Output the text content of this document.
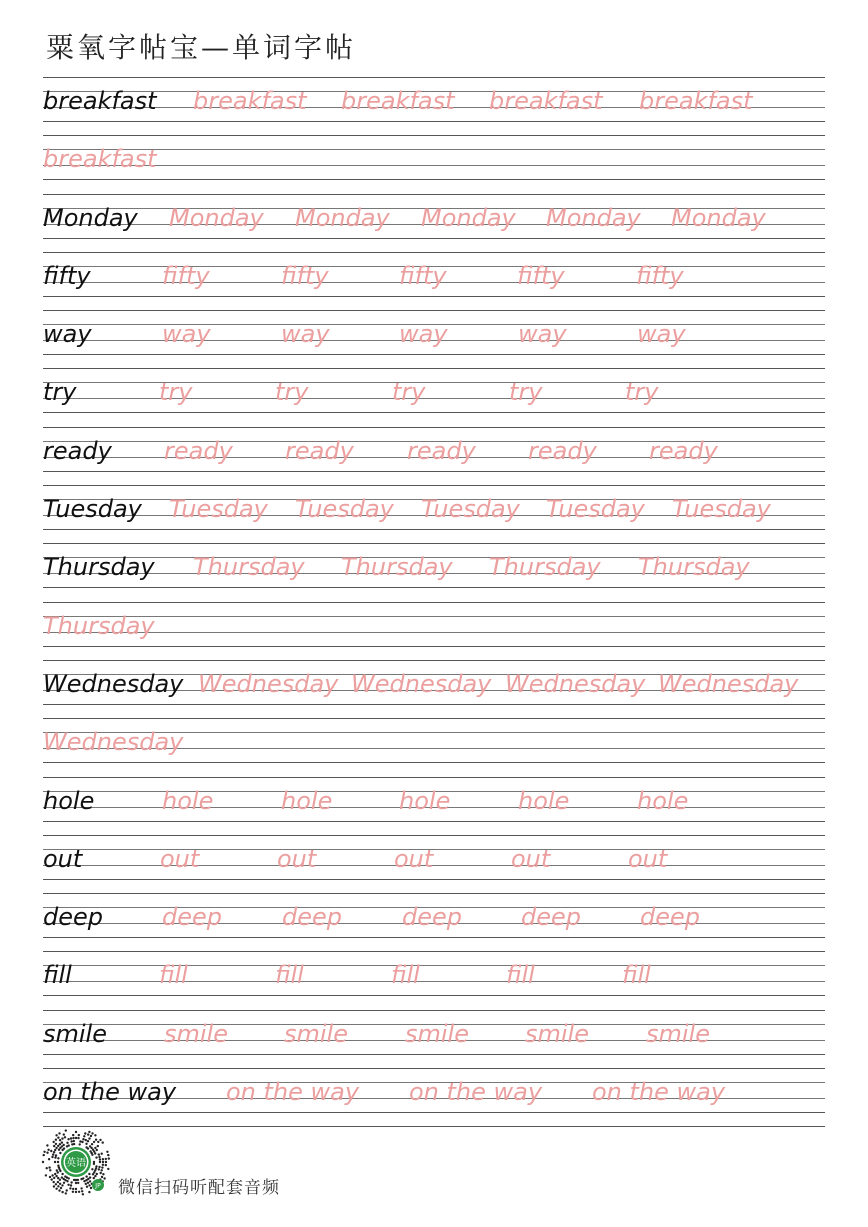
粟氧字帖宝—单词字帖
breakfast breakfast breakfast breakfast breakfast
breakfast
Monday Monday Monday Monday Monday Monday
fifty	fifty	fifty	fifty	fifty	fifty
way	way	way	way	way	way
try	try	try	try	try	try
ready ready ready ready ready ready
Tuesday Tuesday Tuesday Tuesday Tuesday Tuesday
Thursday Thursday Thursday Thursday Thursday
Thursday
Wednesday Wednesday Wednesday Wednesday Wednesday
Wednesday
hole	hole	hole	hole	hole	hole
out	out	out	out	out	out
deep deep	deep	deep deep deep
fill	fill	fill	fill	fill	fill
smile smile smile smile smile smile
on the way on the way on the way on the way
英语
JP 微信扫码听配套音频
